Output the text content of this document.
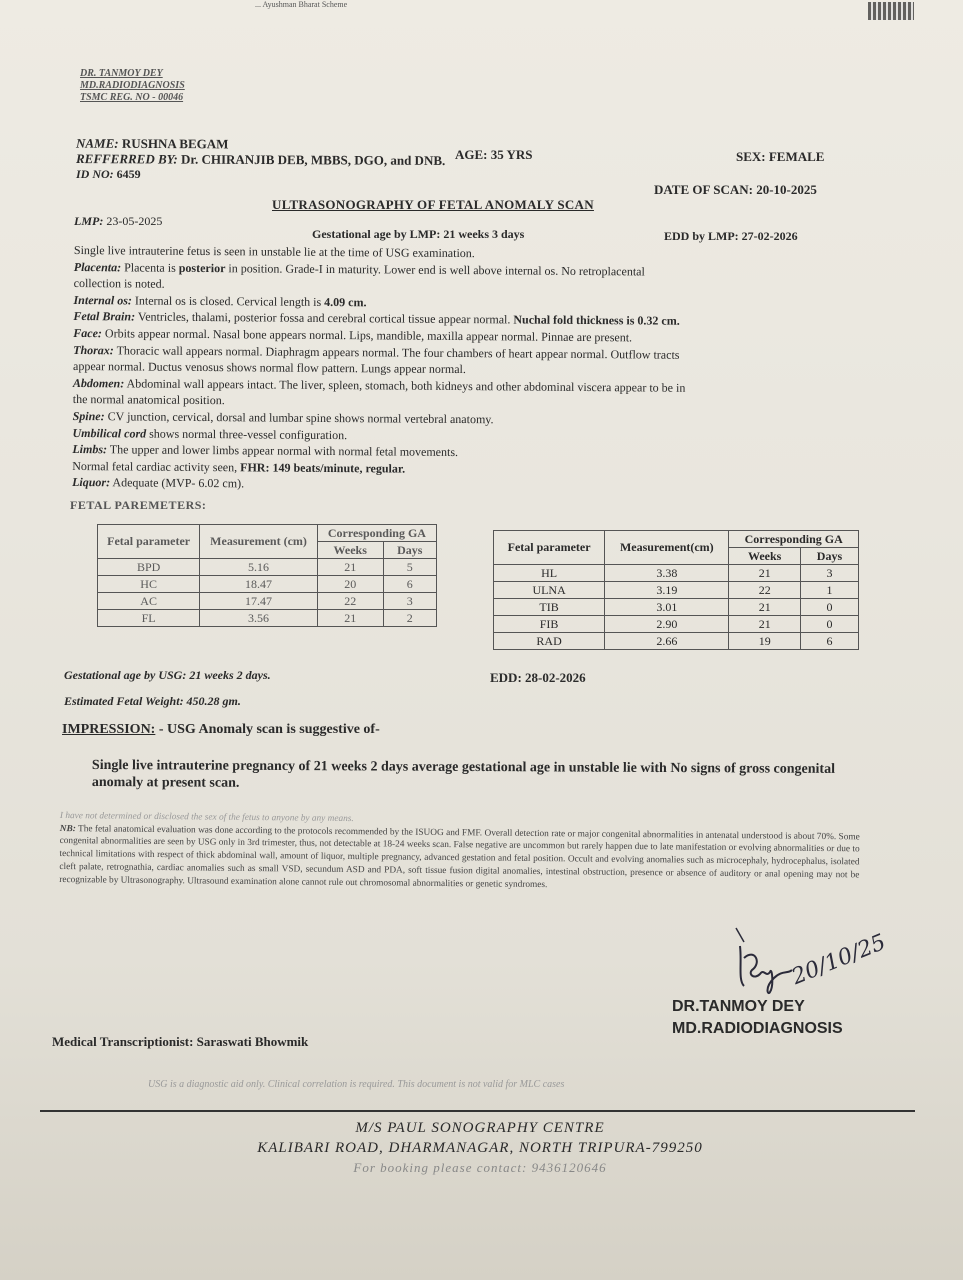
... Ayushman Bharat Scheme
DR. TANMOY DEY
MD.RADIODIAGNOSIS
TSMC REG. NO - 00046
NAME: RUSHNA BEGAM
AGE: 35 YRS	SEX: FEMALE
REFFERRED BY: Dr. CHIRANJIB DEB, MBBS, DGO, and DNB.
ID NO: 6459
DATE OF SCAN: 20-10-2025
ULTRASONOGRAPHY OF FETAL ANOMALY SCAN
LMP: 23-05-2025
Gestational age by LMP: 21 weeks 3 days	EDD by LMP: 27-02-2026
Single live intrauterine fetus is seen in unstable lie at the time of USG examination.
Placenta: Placenta is posterior in position. Grade-I in maturity. Lower end is well above internal os. No retroplacental
collection is noted.
Internal os: Internal os is closed. Cervical length is 4.09 cm.
Fetal Brain: Ventricles, thalami, posterior fossa and cerebral cortical tissue appear normal. Nuchal fold thickness is 0.32 cm.
Face: Orbits appear normal. Nasal bone appears normal. Lips, mandible, maxilla appear normal. Pinnae are present.
Thorax: Thoracic wall appears normal. Diaphragm appears normal. The four chambers of heart appear normal. Outflow tracts
appear normal. Ductus venosus shows normal flow pattern. Lungs appear normal.
Abdomen: Abdominal wall appears intact. The liver, spleen, stomach, both kidneys and other abdominal viscera appear to be in
the normal anatomical position.
Spine: CV junction, cervical, dorsal and lumbar spine shows normal vertebral anatomy.
Umbilical cord shows normal three-vessel configuration.
Limbs: The upper and lower limbs appear normal with normal fetal movements.
Normal fetal cardiac activity seen, FHR: 149 beats/minute, regular.
Liquor: Adequate (MVP- 6.02 cm).
FETAL PAREMETERS:
Fetal parameter	Measurement (cm)	Corresponding GA	
		Weeks	Days
BPD	5.16	21	5
HC	18.47	20	6
AC	17.47	22	3
FL	3.56	21	2
Fetal parameter	Measurement(cm)	Corresponding GA	
		Weeks	Days
HL	3.38	21	3
ULNA	3.19	22	1
TIB	3.01	21	0
FIB	2.90	21	0
RAD	2.66	19	6
Gestational age by USG: 21 weeks 2 days.
Estimated Fetal Weight: 450.28 gm.
EDD: 28-02-2026
IMPRESSION: - USG Anomaly scan is suggestive of-
Single live intrauterine pregnancy of 21 weeks 2 days average gestational age in unstable lie with No signs of gross congenital anomaly at present scan.
I have not determined or disclosed the sex of the fetus to anyone by any means.
NB: The fetal anatomical evaluation was done according to the protocols recommended by the ISUOG and FMF. Overall detection rate or major congenital abnormalities in antenatal understood is about 70%. Some congenital abnormalities are seen by USG only in 3rd trimester, thus, not detectable at 18-24 weeks scan. False negative are uncommon but rarely happen due to late manifestation or evolving abnormalities or due to technical limitations with respect of thick abdominal wall, amount of liquor, multiple pregnancy, advanced gestation and fetal position. Occult and evolving anomalies such as microcephaly, hydrocephalus, isolated cleft palate, retrognathia, cardiac anomalies such as small VSD, secundum ASD and PDA, soft tissue fusion digital anomalies, intestinal obstruction, presence or absence of auditory or anal opening may not be recognizable by Ultrasonography. Ultrasound examination alone cannot rule out chromosomal abnormalities or genetic syndromes.
20/10/25
DR.TANMOY DEY
MD.RADIODIAGNOSIS
Medical Transcriptionist: Saraswati Bhowmik
USG is a diagnostic aid only. Clinical correlation is required. This document is not valid for MLC cases
M/S PAUL SONOGRAPHY CENTRE
KALIBARI ROAD, DHARMANAGAR, NORTH TRIPURA-799250
For booking please contact: 9436120646
